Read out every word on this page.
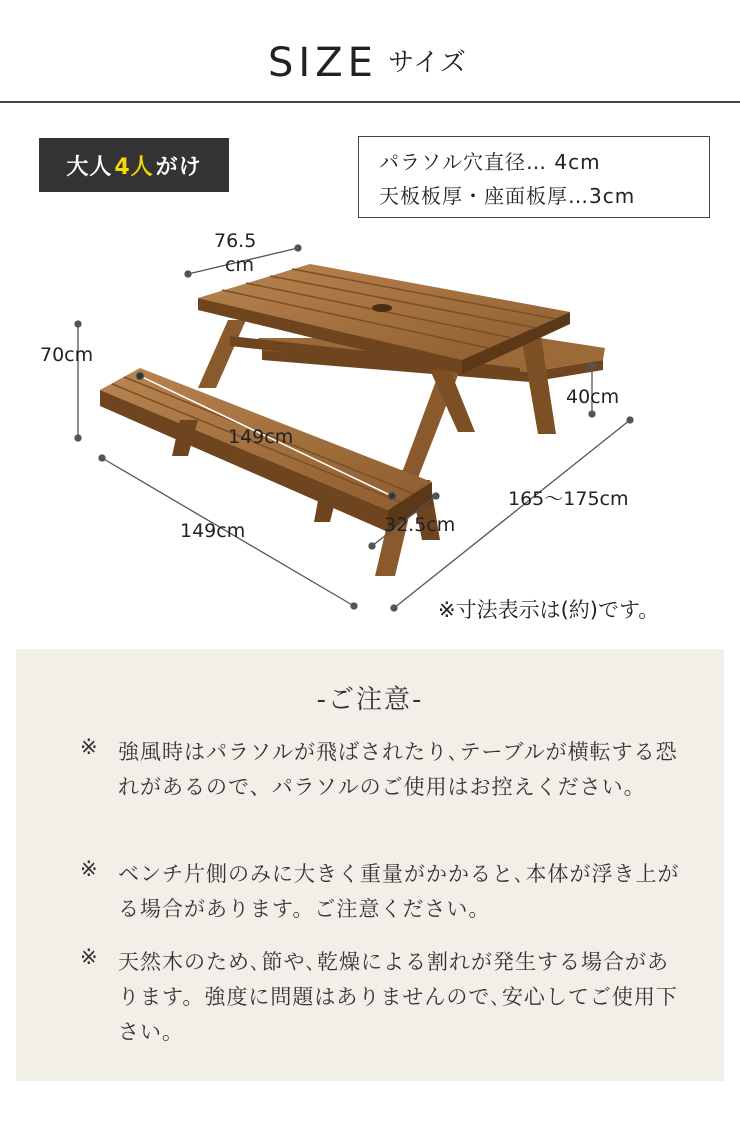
SIZE サイズ
大人 4人 がけ	パラソル穴直径… 4cm
天板板厚・座面板厚…3cm
76.5
cm
70cm
40cm
149cm
149cm	32.5cm
165〜175cm
※寸法表示は(約)です。
-ご注意-
※ 強風時はパラソルが飛ばされたり､テーブルが横転する恐れがあるので、パラソルのご使用はお控えください。
※ ベンチ片側のみに大きく重量がかかると､本体が浮き上がる場合があります。ご注意ください。
※ 天然木のため､節や､乾燥による割れが発生する場合があります。強度に問題はありませんので､安心してご使用下さい。
